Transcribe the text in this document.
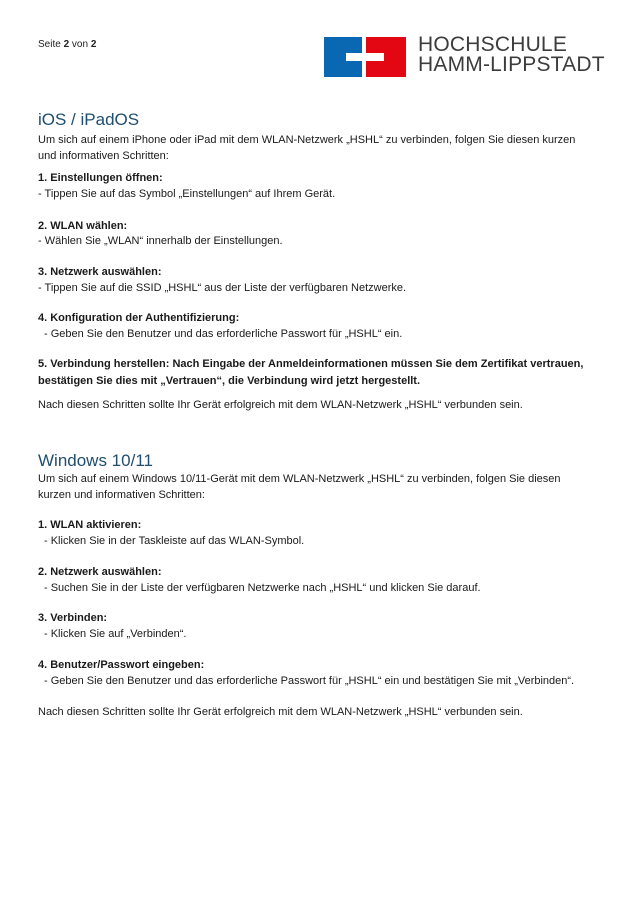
Seite 2 von 2	HOCHSCHULE
HAMM-LIPPSTADT
iOS / iPadOS
Um sich auf einem iPhone oder iPad mit dem WLAN-Netzwerk „HSHL“ zu verbinden, folgen Sie diesen kurzen
und informativen Schritten:
1. Einstellungen öffnen:
- Tippen Sie auf das Symbol „Einstellungen“ auf Ihrem Gerät.
2. WLAN wählen:
- Wählen Sie „WLAN“ innerhalb der Einstellungen.
3. Netzwerk auswählen:
- Tippen Sie auf die SSID „HSHL“ aus der Liste der verfügbaren Netzwerke.
4. Konfiguration der Authentifizierung:
- Geben Sie den Benutzer und das erforderliche Passwort für „HSHL“ ein.
5. Verbindung herstellen: Nach Eingabe der Anmeldeinformationen müssen Sie dem Zertifikat vertrauen,
bestätigen Sie dies mit „Vertrauen“, die Verbindung wird jetzt hergestellt.
Nach diesen Schritten sollte Ihr Gerät erfolgreich mit dem WLAN-Netzwerk „HSHL“ verbunden sein.
Windows 10/11
Um sich auf einem Windows 10/11-Gerät mit dem WLAN-Netzwerk „HSHL“ zu verbinden, folgen Sie diesen
kurzen und informativen Schritten:
1. WLAN aktivieren:
- Klicken Sie in der Taskleiste auf das WLAN-Symbol.
2. Netzwerk auswählen:
- Suchen Sie in der Liste der verfügbaren Netzwerke nach „HSHL“ und klicken Sie darauf.
3. Verbinden:
- Klicken Sie auf „Verbinden“.
4. Benutzer/Passwort eingeben:
- Geben Sie den Benutzer und das erforderliche Passwort für „HSHL“ ein und bestätigen Sie mit „Verbinden“.
Nach diesen Schritten sollte Ihr Gerät erfolgreich mit dem WLAN-Netzwerk „HSHL“ verbunden sein.
